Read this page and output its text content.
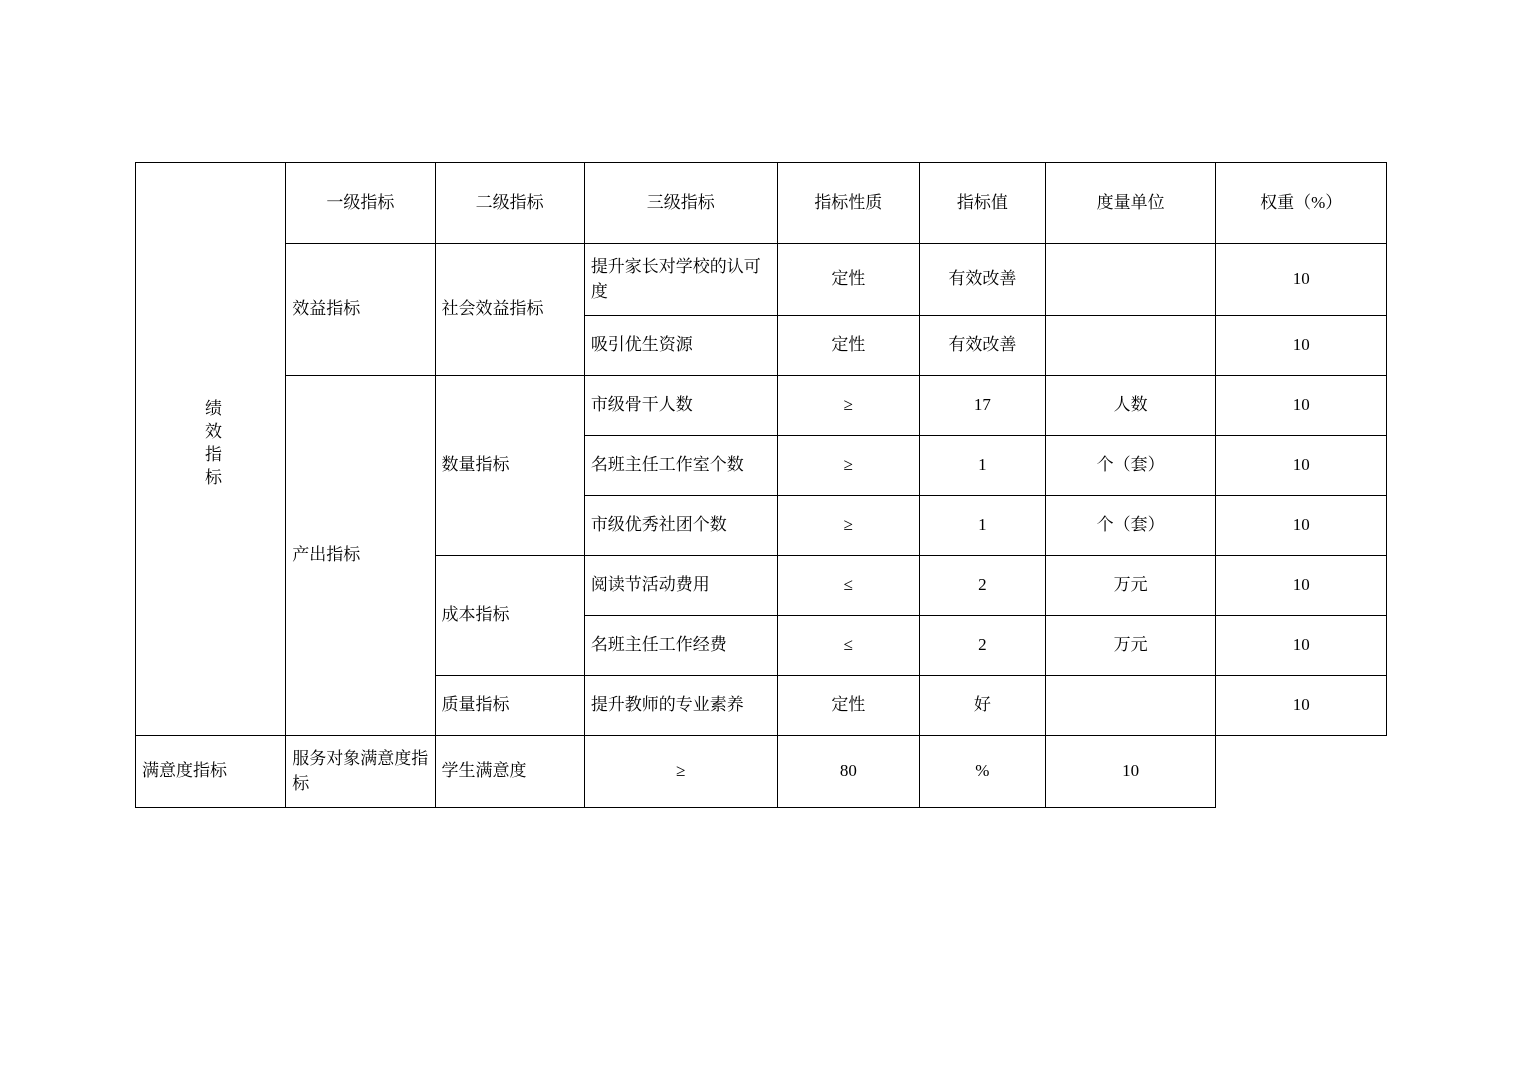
绩效指标	一级指标	二级指标	三级指标	指标性质	指标值	度量单位	权重（%）
	效益指标	社会效益指标	提升家长对学校的认可度	定性	有效改善		10
			吸引优生资源	定性	有效改善		10
	产出指标	数量指标	市级骨干人数	≥	17	人数	10
			名班主任工作室个数	≥	1	个（套）	10
			市级优秀社团个数	≥	1	个（套）	10
		成本指标	阅读节活动费用	≤	2	万元	10
			名班主任工作经费	≤	2	万元	10
		质量指标	提升教师的专业素养	定性	好		10
满意度指标	服务对象满意度指标	学生满意度	≥	80	%	10	
